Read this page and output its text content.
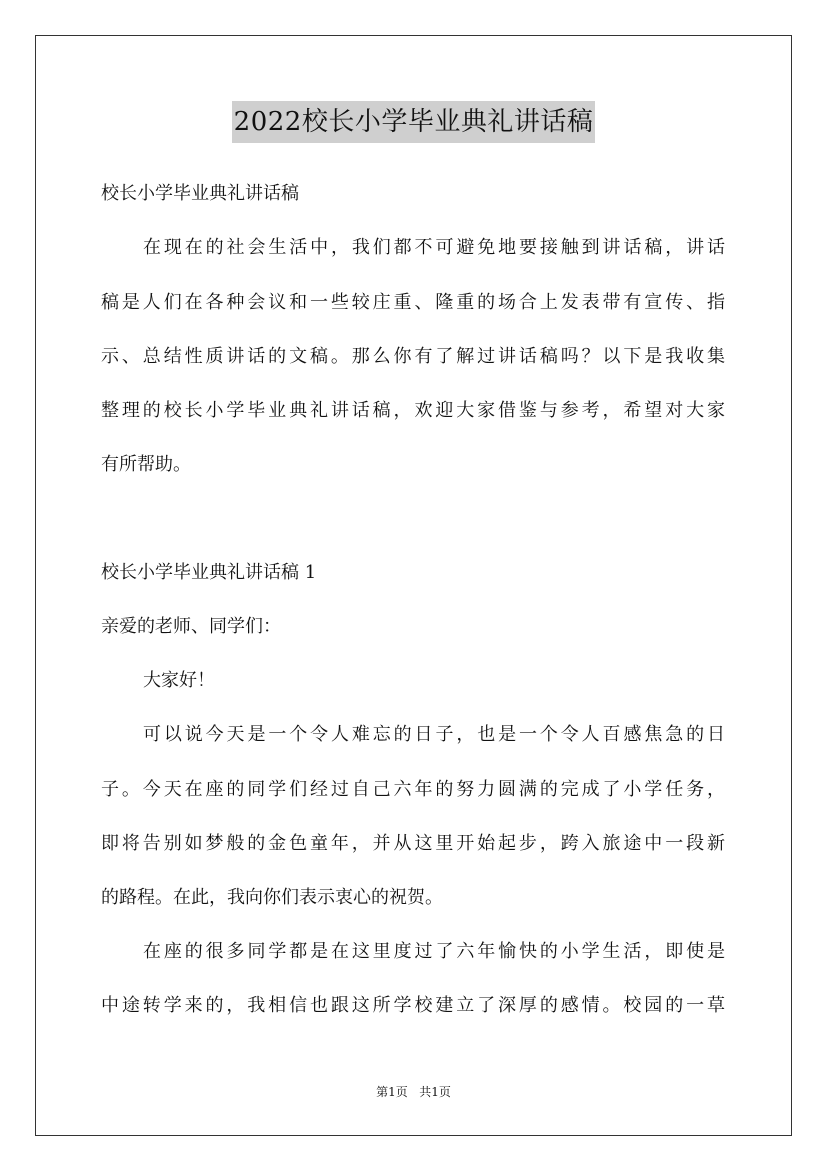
2022校长小学毕业典礼讲话稿
校长小学毕业典礼讲话稿
在现在的社会生活中，我们都不可避免地要接触到讲话稿，讲话
稿是人们在各种会议和一些较庄重、隆重的场合上发表带有宣传、指
示、总结性质讲话的文稿。那么你有了解过讲话稿吗？以下是我收集
整理的校长小学毕业典礼讲话稿，欢迎大家借鉴与参考，希望对大家
有所帮助。
校长小学毕业典礼讲话稿 1
亲爱的老师、同学们：
大家好！
可以说今天是一个令人难忘的日子，也是一个令人百感焦急的日
子。今天在座的同学们经过自己六年的努力圆满的完成了小学任务，
即将告别如梦般的金色童年，并从这里开始起步，跨入旅途中一段新
的路程。在此，我向你们表示衷心的祝贺。
在座的很多同学都是在这里度过了六年愉快的小学生活，即使是
中途转学来的，我相信也跟这所学校建立了深厚的感情。校园的一草
第1页   共1页
